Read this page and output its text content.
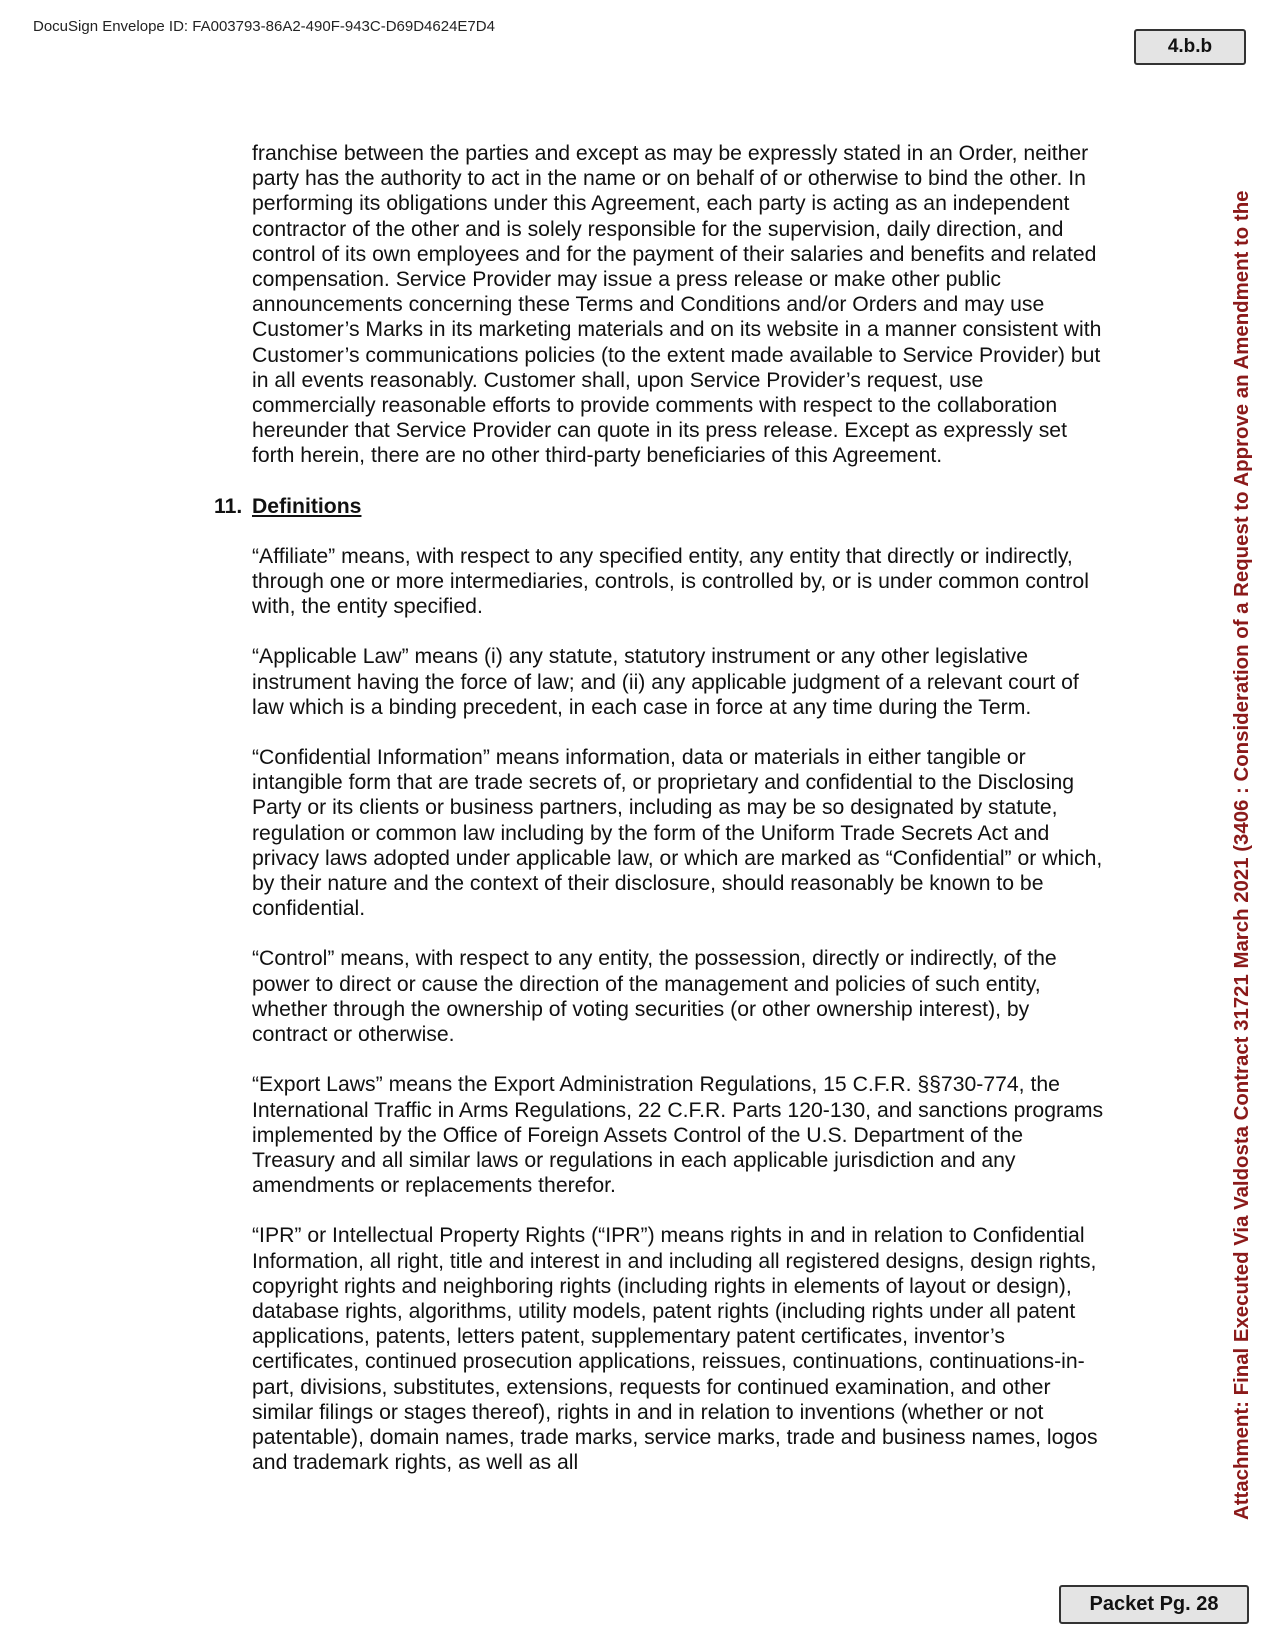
DocuSign Envelope ID: FA003793-86A2-490F-943C-D69D4624E7D4
4.b.b

franchise between the parties and except as may be expressly stated in an Order, neither party has the authority to act in the name or on behalf of or otherwise to bind the other. In performing its obligations under this Agreement, each party is acting as an independent contractor of the other and is solely responsible for the supervision, daily direction, and control of its own employees and for the payment of their salaries and benefits and related compensation. Service Provider may issue a press release or make other public announcements concerning these Terms and Conditions and/or Orders and may use Customer’s Marks in its marketing materials and on its website in a manner consistent with Customer’s communications policies (to the extent made available to Service Provider) but in all events reasonably. Customer shall, upon Service Provider’s request, use commercially reasonable efforts to provide comments with respect to the collaboration hereunder that Service Provider can quote in its press release. Except as expressly set forth herein, there are no other third-party beneficiaries of this Agreement.

11. Definitions

“Affiliate” means, with respect to any specified entity, any entity that directly or indirectly, through one or more intermediaries, controls, is controlled by, or is under common control with, the entity specified.

“Applicable Law” means (i) any statute, statutory instrument or any other legislative instrument having the force of law; and (ii) any applicable judgment of a relevant court of law which is a binding precedent, in each case in force at any time during the Term.

“Confidential Information” means information, data or materials in either tangible or intangible form that are trade secrets of, or proprietary and confidential to the Disclosing Party or its clients or business partners, including as may be so designated by statute, regulation or common law including by the form of the Uniform Trade Secrets Act and privacy laws adopted under applicable law, or which are marked as “Confidential” or which, by their nature and the context of their disclosure, should reasonably be known to be confidential.

“Control” means, with respect to any entity, the possession, directly or indirectly, of the power to direct or cause the direction of the management and policies of such entity, whether through the ownership of voting securities (or other ownership interest), by contract or otherwise.

“Export Laws” means the Export Administration Regulations, 15 C.F.R. §§730-774, the International Traffic in Arms Regulations, 22 C.F.R. Parts 120-130, and sanctions programs implemented by the Office of Foreign Assets Control of the U.S. Department of the Treasury and all similar laws or regulations in each applicable jurisdiction and any amendments or replacements therefor.

“IPR” or Intellectual Property Rights (“IPR”) means rights in and in relation to Confidential Information, all right, title and interest in and including all registered designs, design rights, copyright rights and neighboring rights (including rights in elements of layout or design), database rights, algorithms, utility models, patent rights (including rights under all patent applications, patents, letters patent, supplementary patent certificates, inventor’s certificates, continued prosecution applications, reissues, continuations, continuations-in-part, divisions, substitutes, extensions, requests for continued examination, and other similar filings or stages thereof), rights in and in relation to inventions (whether or not patentable), domain names, trade marks, service marks, trade and business names, logos and trademark rights, as well as all	Attachment: Final Executed Via Valdosta Contract 31721 March 2021 (3406 : Consideration of a Request to Approve an Amendment to the
Packet Pg. 28
